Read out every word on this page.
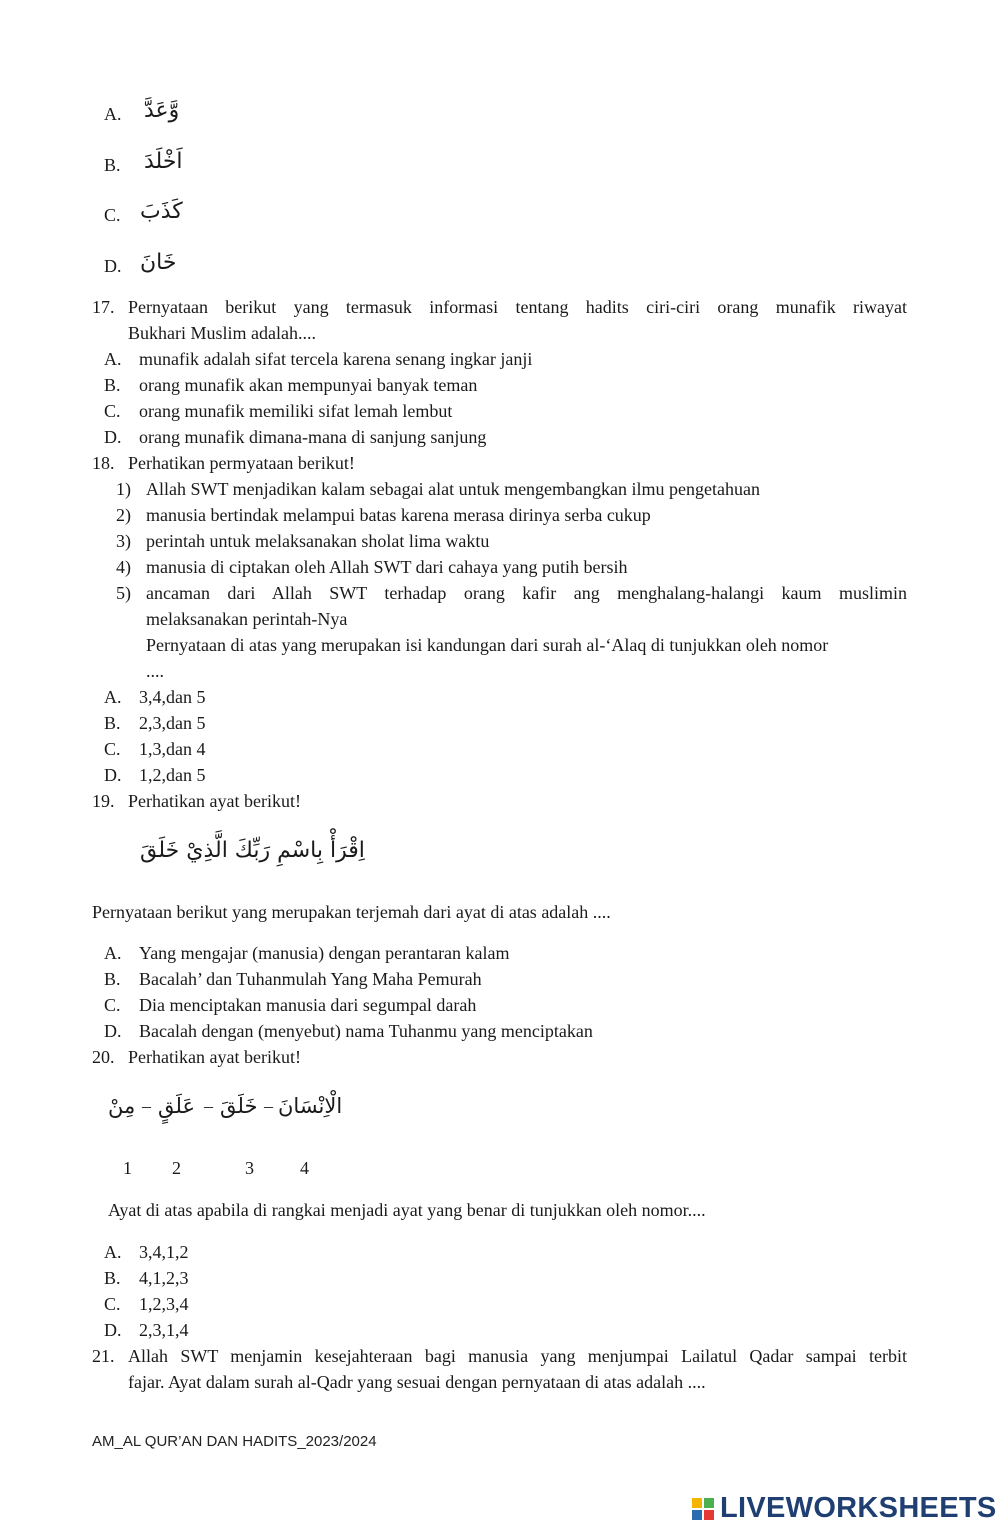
A. وَّعَدَّ
B. اَخْلَدَ
C. كَذَبَ
D. خَانَ
17. Pernyataan berikut yang termasuk informasi tentang hadits ciri-ciri orang munafik riwayat
Bukhari Muslim adalah....
A. munafik adalah sifat tercela karena senang ingkar janji
B. orang munafik akan mempunyai banyak teman
C. orang munafik memiliki sifat lemah lembut
D. orang munafik dimana-mana di sanjung sanjung
18. Perhatikan permyataan berikut!
1) Allah SWT menjadikan kalam sebagai alat untuk mengembangkan ilmu pengetahuan
2) manusia bertindak melampui batas karena merasa dirinya serba cukup
3) perintah untuk melaksanakan sholat lima waktu
4) manusia di ciptakan oleh Allah SWT dari cahaya yang putih bersih
5) ancaman dari Allah SWT terhadap orang kafir ang menghalang-halangi kaum muslimin
melaksanakan perintah-Nya
Pernyataan di atas yang merupakan isi kandungan dari surah al-‘Alaq di tunjukkan oleh nomor
....
A. 3,4,dan 5
B. 2,3,dan 5
C. 1,3,dan 4
D. 1,2,dan 5
19. Perhatikan ayat berikut!
اِقْرَأْ بِاسْمِ رَبِّكَ الَّذِيْ خَلَقَ
Pernyataan berikut yang merupakan terjemah dari ayat di atas adalah ....
A. Yang mengajar (manusia) dengan perantaran kalam
B. Bacalah’ dan Tuhanmulah Yang Maha Pemurah
C. Dia menciptakan manusia dari segumpal darah
D. Bacalah dengan (menyebut) nama Tuhanmu yang menciptakan
20. Perhatikan ayat berikut!
مِنْ – عَلَقٍ – خَلَقَ – الْاِنْسَانَ
1 2	3	4
Ayat di atas apabila di rangkai menjadi ayat yang benar di tunjukkan oleh nomor....
A. 3,4,1,2
B. 4,1,2,3
C. 1,2,3,4
D. 2,3,1,4
21. Allah SWT menjamin kesejahteraan bagi manusia yang menjumpai Lailatul Qadar sampai terbit
fajar. Ayat dalam surah al-Qadr yang sesuai dengan pernyataan di atas adalah ....
AM_AL QUR’AN DAN HADITS_2023/2024
LIVEWORKSHEETS
